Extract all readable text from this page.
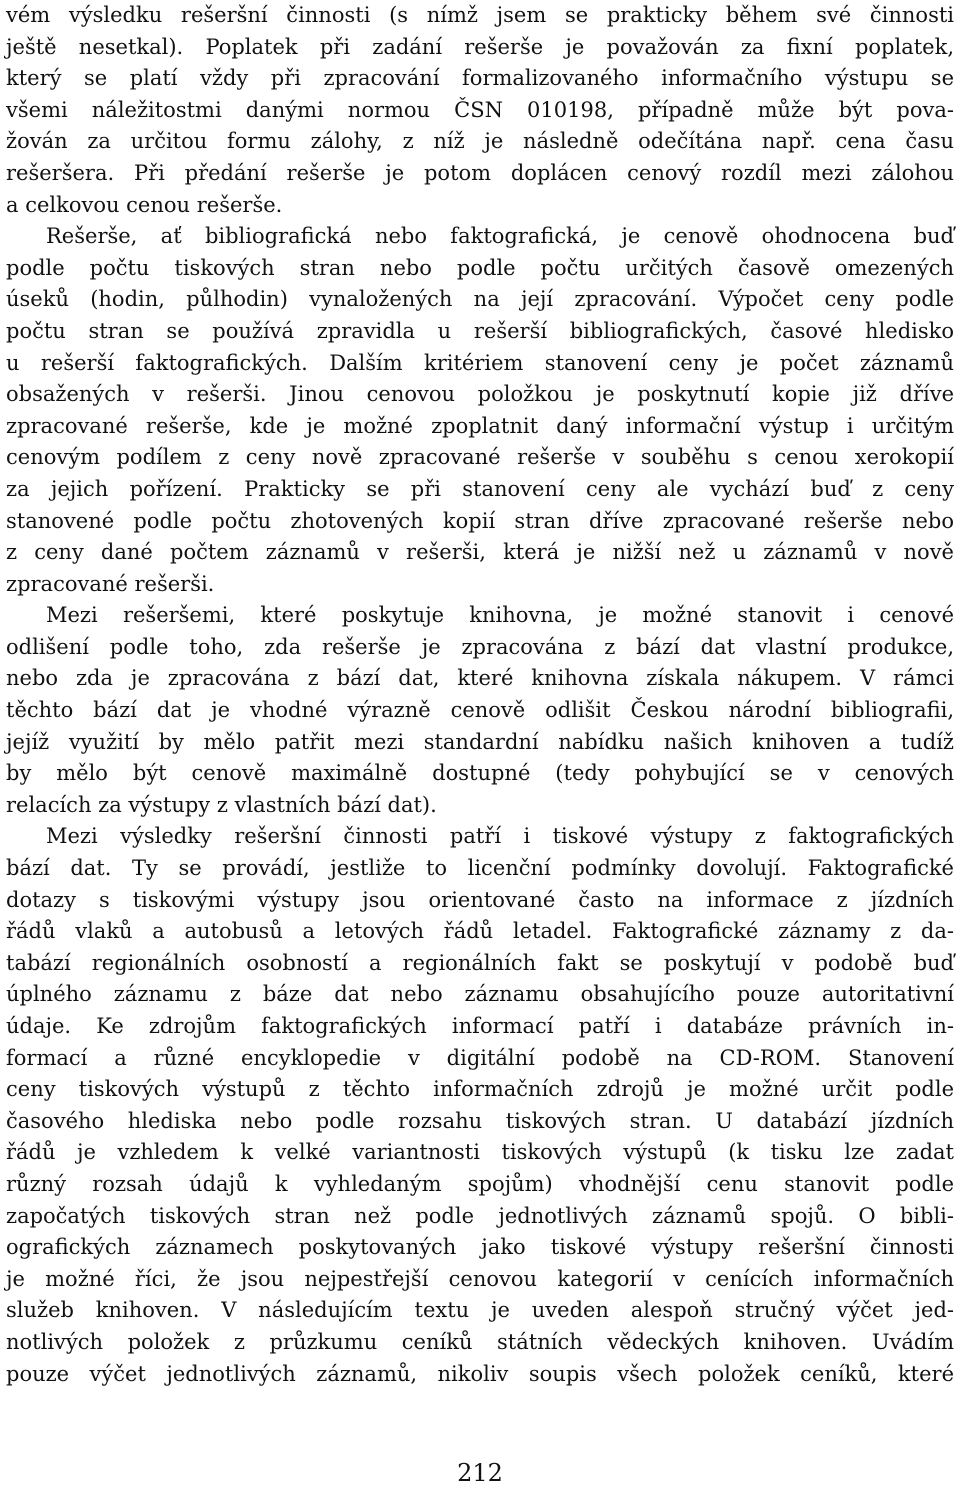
vém výsledku rešeršní činnosti (s nímž jsem se prakticky během své činnosti
ještě nesetkal). Poplatek při zadání rešerše je považován za fixní poplatek,
který se platí vždy při zpracování formalizovaného informačního výstupu se
všemi náležitostmi danými normou ČSN 010198, případně může být pova-
žován za určitou formu zálohy, z níž je následně odečítána např. cena času
rešeršera. Při předání rešerše je potom doplácen cenový rozdíl mezi zálohou
a celkovou cenou rešerše.

Rešerše, ať bibliografická nebo faktografická, je cenově ohodnocena buď
podle počtu tiskových stran nebo podle počtu určitých časově omezených
úseků (hodin, půlhodin) vynaložených na její zpracování. Výpočet ceny podle
počtu stran se používá zpravidla u rešerší bibliografických, časové hledisko
u rešerší faktografických. Dalším kritériem stanovení ceny je počet záznamů
obsažených v rešerši. Jinou cenovou položkou je poskytnutí kopie již dříve
zpracované rešerše, kde je možné zpoplatnit daný informační výstup i určitým
cenovým podílem z ceny nově zpracované rešerše v souběhu s cenou xerokopií
za jejich pořízení. Prakticky se při stanovení ceny ale vychází buď z ceny
stanovené podle počtu zhotovených kopií stran dříve zpracované rešerše nebo
z ceny dané počtem záznamů v rešerši, která je nižší než u záznamů v nově
zpracované rešerši.

Mezi rešeršemi, které poskytuje knihovna, je možné stanovit i cenové
odlišení podle toho, zda rešerše je zpracována z bází dat vlastní produkce,
nebo zda je zpracována z bází dat, které knihovna získala nákupem. V rámci
těchto bází dat je vhodné výrazně cenově odlišit Českou národní bibliografii,
jejíž využití by mělo patřit mezi standardní nabídku našich knihoven a tudíž
by mělo být cenově maximálně dostupné (tedy pohybující se v cenových
relacích za výstupy z vlastních bází dat).

Mezi výsledky rešeršní činnosti patří i tiskové výstupy z faktografických
bází dat. Ty se provádí, jestliže to licenční podmínky dovolují. Faktografické
dotazy s tiskovými výstupy jsou orientované často na informace z jízdních
řádů vlaků a autobusů a letových řádů letadel. Faktografické záznamy z da-
tabází regionálních osobností a regionálních fakt se poskytují v podobě buď
úplného záznamu z báze dat nebo záznamu obsahujícího pouze autoritativní
údaje. Ke zdrojům faktografických informací patří i databáze právních in-
formací a různé encyklopedie v digitální podobě na CD-ROM. Stanovení
ceny tiskových výstupů z těchto informačních zdrojů je možné určit podle
časového hlediska nebo podle rozsahu tiskových stran. U databází jízdních
řádů je vzhledem k velké variantnosti tiskových výstupů (k tisku lze zadat
různý rozsah údajů k vyhledaným spojům) vhodnější cenu stanovit podle
započatých tiskových stran než podle jednotlivých záznamů spojů. O bibli-
ografických záznamech poskytovaných jako tiskové výstupy rešeršní činnosti
je možné říci, že jsou nejpestřejší cenovou kategorií v cenících informačních
služeb knihoven. V následujícím textu je uveden alespoň stručný výčet jed-
notlivých položek z průzkumu ceníků státních vědeckých knihoven. Uvádím
pouze výčet jednotlivých záznamů, nikoliv soupis všech položek ceníků, které

212
